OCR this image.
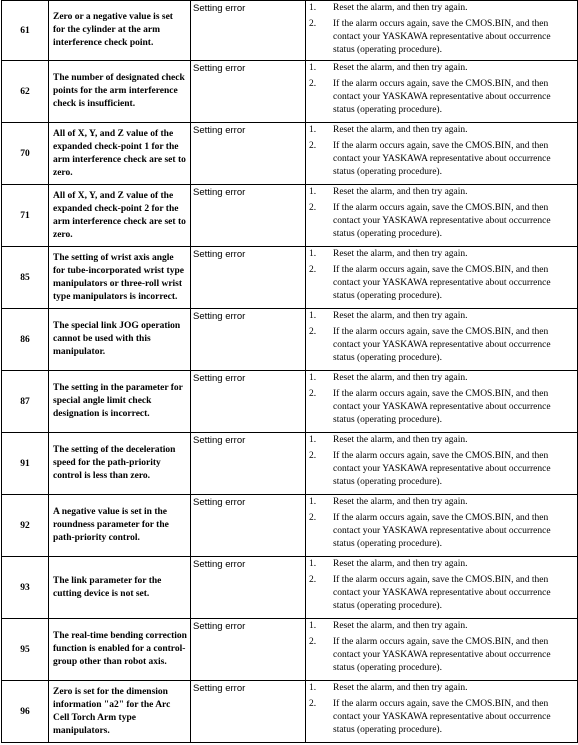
61	Zero or a negative value is set for the cylinder at the arm interference check point.	Setting error	1. Reset the alarm, and then try again.
2. If the alarm occurs again, save the CMOS.BIN, and then contact your YASKAWA representative about occurrence status (operating procedure).

62	The number of designated check points for the arm interference check is insufficient.	Setting error	1. Reset the alarm, and then try again.
2. If the alarm occurs again, save the CMOS.BIN, and then contact your YASKAWA representative about occurrence status (operating procedure).

70	All of X, Y, and Z value of the expanded check-point 1 for the arm interference check are set to zero.	Setting error	1. Reset the alarm, and then try again.
2. If the alarm occurs again, save the CMOS.BIN, and then contact your YASKAWA representative about occurrence status (operating procedure).

71	All of X, Y, and Z value of the expanded check-point 2 for the arm interference check are set to zero.	Setting error	1. Reset the alarm, and then try again.
2. If the alarm occurs again, save the CMOS.BIN, and then contact your YASKAWA representative about occurrence status (operating procedure).

85	The setting of wrist axis angle for tube-incorporated wrist type manipulators or three-roll wrist type manipulators is incorrect.	Setting error	1. Reset the alarm, and then try again.
2. If the alarm occurs again, save the CMOS.BIN, and then contact your YASKAWA representative about occurrence status (operating procedure).

86	The special link JOG operation cannot be used with this manipulator.	Setting error	1. Reset the alarm, and then try again.
2. If the alarm occurs again, save the CMOS.BIN, and then contact your YASKAWA representative about occurrence status (operating procedure).

87	The setting in the parameter for special angle limit check designation is incorrect.	Setting error	1. Reset the alarm, and then try again.
2. If the alarm occurs again, save the CMOS.BIN, and then contact your YASKAWA representative about occurrence status (operating procedure).

91	The setting of the deceleration speed for the path-priority control is less than zero.	Setting error	1. Reset the alarm, and then try again.
2. If the alarm occurs again, save the CMOS.BIN, and then contact your YASKAWA representative about occurrence status (operating procedure).

92	A negative value is set in the roundness parameter for the path-priority control.	Setting error	1. Reset the alarm, and then try again.
2. If the alarm occurs again, save the CMOS.BIN, and then contact your YASKAWA representative about occurrence status (operating procedure).

93	The link parameter for the cutting device is not set.	Setting error	1. Reset the alarm, and then try again.
2. If the alarm occurs again, save the CMOS.BIN, and then contact your YASKAWA representative about occurrence status (operating procedure).

95	The real-time bending correction function is enabled for a control-group other than robot axis.	Setting error	1. Reset the alarm, and then try again.
2. If the alarm occurs again, save the CMOS.BIN, and then contact your YASKAWA representative about occurrence status (operating procedure).

96	Zero is set for the dimension information "a2" for the Arc Cell Torch Arm type manipulators.	Setting error	1. Reset the alarm, and then try again.
2. If the alarm occurs again, save the CMOS.BIN, and then contact your YASKAWA representative about occurrence status (operating procedure).
